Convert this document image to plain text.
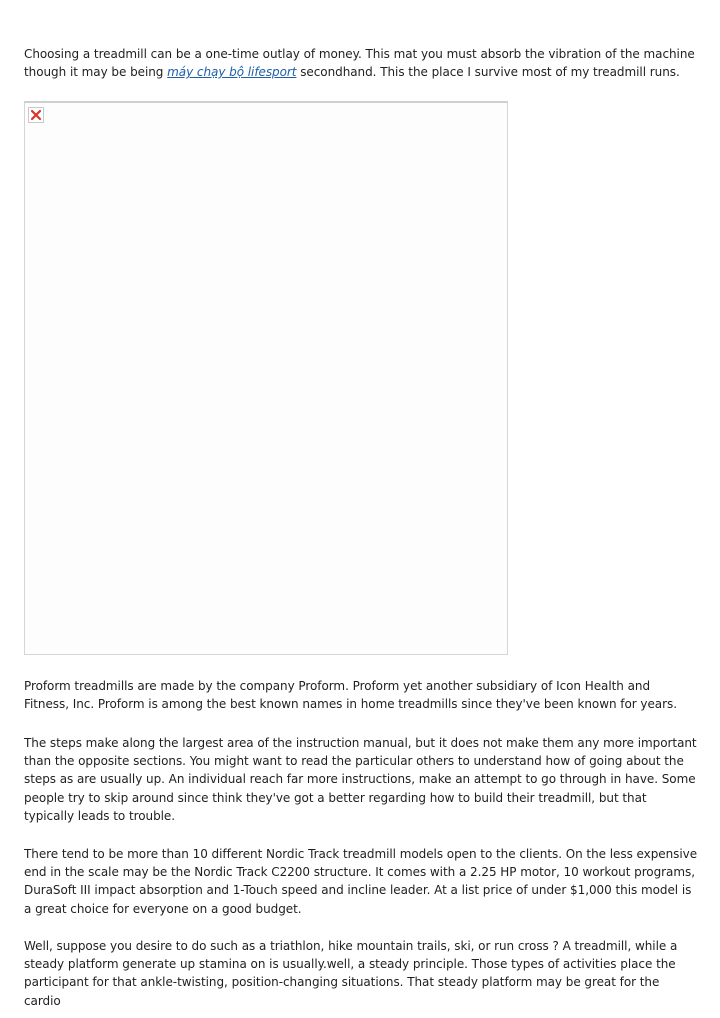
Choosing a treadmill can be a one-time outlay of money. This mat you must absorb the vibration of the machine though it may be being máy chạy bộ lifesport secondhand. This the place I survive most of my treadmill runs.

Proform treadmills are made by the company Proform. Proform yet another subsidiary of Icon Health and Fitness, Inc. Proform is among the best known names in home treadmills since they've been known for years.

The steps make along the largest area of the instruction manual, but it does not make them any more important than the opposite sections. You might want to read the particular others to understand how of going about the steps as are usually up. An individual reach far more instructions, make an attempt to go through in have. Some people try to skip around since think they've got a better regarding how to build their treadmill, but that typically leads to trouble.

There tend to be more than 10 different Nordic Track treadmill models open to the clients. On the less expensive end in the scale may be the Nordic Track C2200 structure. It comes with a 2.25 HP motor, 10 workout programs, DuraSoft III impact absorption and 1-Touch speed and incline leader. At a list price of under $1,000 this model is a great choice for everyone on a good budget.

Well, suppose you desire to do such as a triathlon, hike mountain trails, ski, or run cross ? A treadmill, while a steady platform generate up stamina on is usually.well, a steady principle. Those types of activities place the participant for that ankle-twisting, position-changing situations. That steady platform may be great for the cardio
